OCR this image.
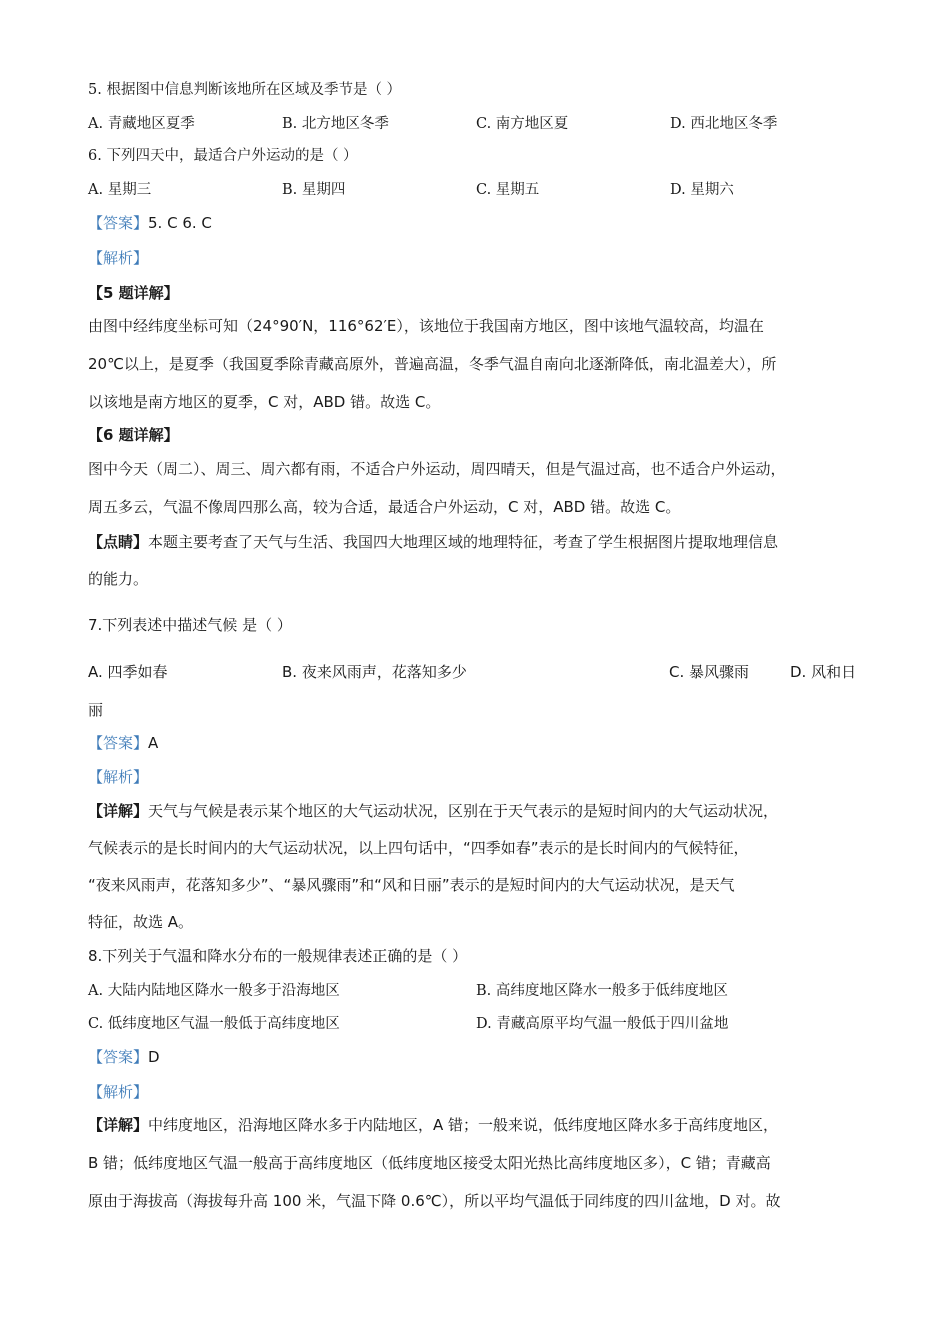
5. 根据图中信息判断该地所在区域及季节是（ ）
A. 青藏地区夏季	B. 北方地区冬季	C. 南方地区夏	D. 西北地区冬季
6. 下列四天中，最适合户外运动的是（ ）
A. 星期三	B. 星期四	C. 星期五	D. 星期六
【答案】5. C 6. C
【解析】
【5 题详解】
由图中经纬度坐标可知（24°90′N，116°62′E），该地位于我国南方地区，图中该地气温较高，均温在
20℃以上，是夏季（我国夏季除青藏高原外，普遍高温，冬季气温自南向北逐渐降低，南北温差大），所
以该地是南方地区的夏季，C 对，ABD 错。故选 C。
【6 题详解】
图中今天（周二）、周三、周六都有雨，不适合户外运动，周四晴天，但是气温过高，也不适合户外运动，
周五多云，气温不像周四那么高，较为合适，最适合户外运动，C 对，ABD 错。故选 C。
【点睛】本题主要考查了天气与生活、我国四大地理区域的地理特征，考查了学生根据图片提取地理信息
的能力。
7.下列表述中描述气候 是（ ）
A. 四季如春	B. 夜来风雨声，花落知多少	C. 暴风骤雨	D. 风和日
丽
【答案】A
【解析】
【详解】天气与气候是表示某个地区的大气运动状况，区别在于天气表示的是短时间内的大气运动状况，
气候表示的是长时间内的大气运动状况，以上四句话中，“四季如春”表示的是长时间内的气候特征，
“夜来风雨声，花落知多少”、“暴风骤雨”和“风和日丽”表示的是短时间内的大气运动状况，是天气
特征，故选 A。
8.下列关于气温和降水分布的一般规律表述正确的是（ ）
A. 大陆内陆地区降水一般多于沿海地区	B. 高纬度地区降水一般多于低纬度地区
C. 低纬度地区气温一般低于高纬度地区	D. 青藏高原平均气温一般低于四川盆地
【答案】D
【解析】
【详解】中纬度地区，沿海地区降水多于内陆地区，A 错；一般来说，低纬度地区降水多于高纬度地区，
B 错；低纬度地区气温一般高于高纬度地区（低纬度地区接受太阳光热比高纬度地区多），C 错；青藏高
原由于海拔高（海拔每升高 100 米，气温下降 0.6℃），所以平均气温低于同纬度的四川盆地，D 对。故
